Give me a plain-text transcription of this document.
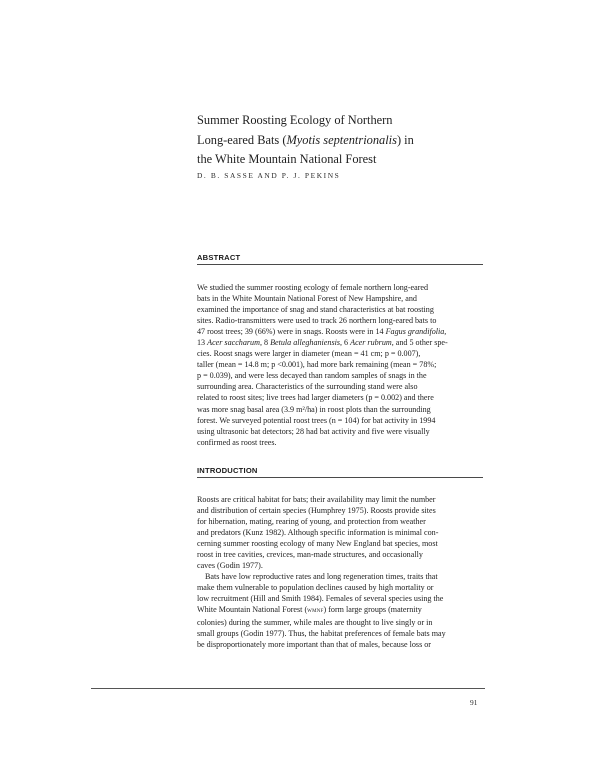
Summer Roosting Ecology of Northern
Long-eared Bats (Myotis septentrionalis) in
the White Mountain National Forest
D. B. SASSE AND P. J. PEKINS
ABSTRACT
We studied the summer roosting ecology of female northern long-eared
bats in the White Mountain National Forest of New Hampshire, and
examined the importance of snag and stand characteristics at bat roosting
sites. Radio-transmitters were used to track 26 northern long-eared bats to
47 roost trees; 39 (66%) were in snags. Roosts were in 14 Fagus grandifolia,
13 Acer saccharum, 8 Betula alleghaniensis, 6 Acer rubrum, and 5 other spe-
cies. Roost snags were larger in diameter (mean = 41 cm; p = 0.007),
taller (mean = 14.8 m; p <0.001), had more bark remaining (mean = 78%;
p = 0.039), and were less decayed than random samples of snags in the
surrounding area. Characteristics of the surrounding stand were also
related to roost sites; live trees had larger diameters (p = 0.002) and there
was more snag basal area (3.9 m²/ha) in roost plots than the surrounding
forest. We surveyed potential roost trees (n = 104) for bat activity in 1994
using ultrasonic bat detectors; 28 had bat activity and five were visually
confirmed as roost trees.
INTRODUCTION
Roosts are critical habitat for bats; their availability may limit the number
and distribution of certain species (Humphrey 1975). Roosts provide sites
for hibernation, mating, rearing of young, and protection from weather
and predators (Kunz 1982). Although specific information is minimal con-
cerning summer roosting ecology of many New England bat species, most
roost in tree cavities, crevices, man-made structures, and occasionally
caves (Godin 1977).
Bats have low reproductive rates and long regeneration times, traits that
make them vulnerable to population declines caused by high mortality or
low recruitment (Hill and Smith 1984). Females of several species using the
White Mountain National Forest (wmnf) form large groups (maternity
colonies) during the summer, while males are thought to live singly or in
small groups (Godin 1977). Thus, the habitat preferences of female bats may
be disproportionately more important than that of males, because loss or
91
